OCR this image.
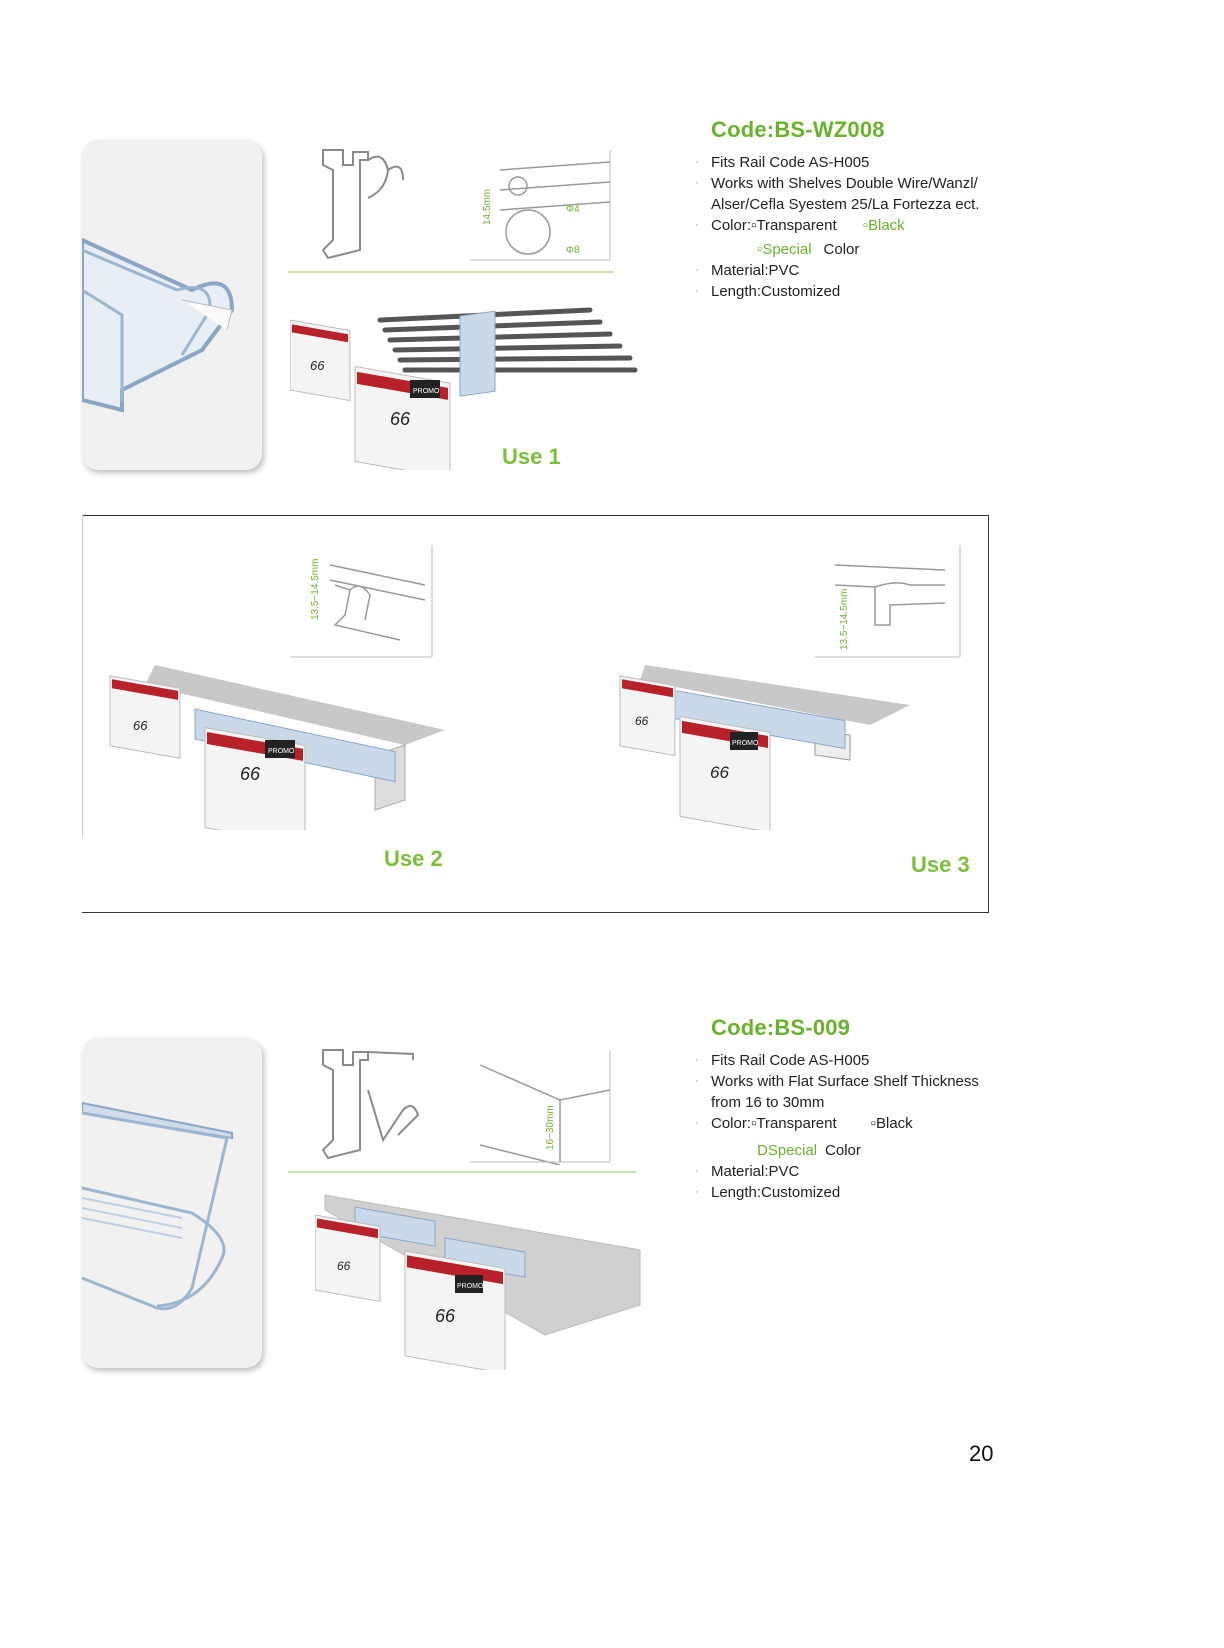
14.5mm	Φ4
Φ8
66
PROMO
66
Use 1
Code:BS-WZ008
· Fits Rail Code AS-H005
· Works with Shelves Double Wire/Wanzl/
Alser/Cefla Syestem 25/La Fortezza ect.
· Color:▫Transparent ▫Black
▫Special Color
· Material:PVC
· Length:Customized
13.5~14.5mm
66
PROMO
66
Use 2
13.5~14.5mm
66
PROMO
66
Use 3
16~30mm
66
PROMO
66
Code:BS-009
· Fits Rail Code AS-H005
· Works with Flat Surface Shelf Thickness
from 16 to 30mm
· Color:▫Transparent ▫Black
DSpecial Color
· Material:PVC
· Length:Customized
20
